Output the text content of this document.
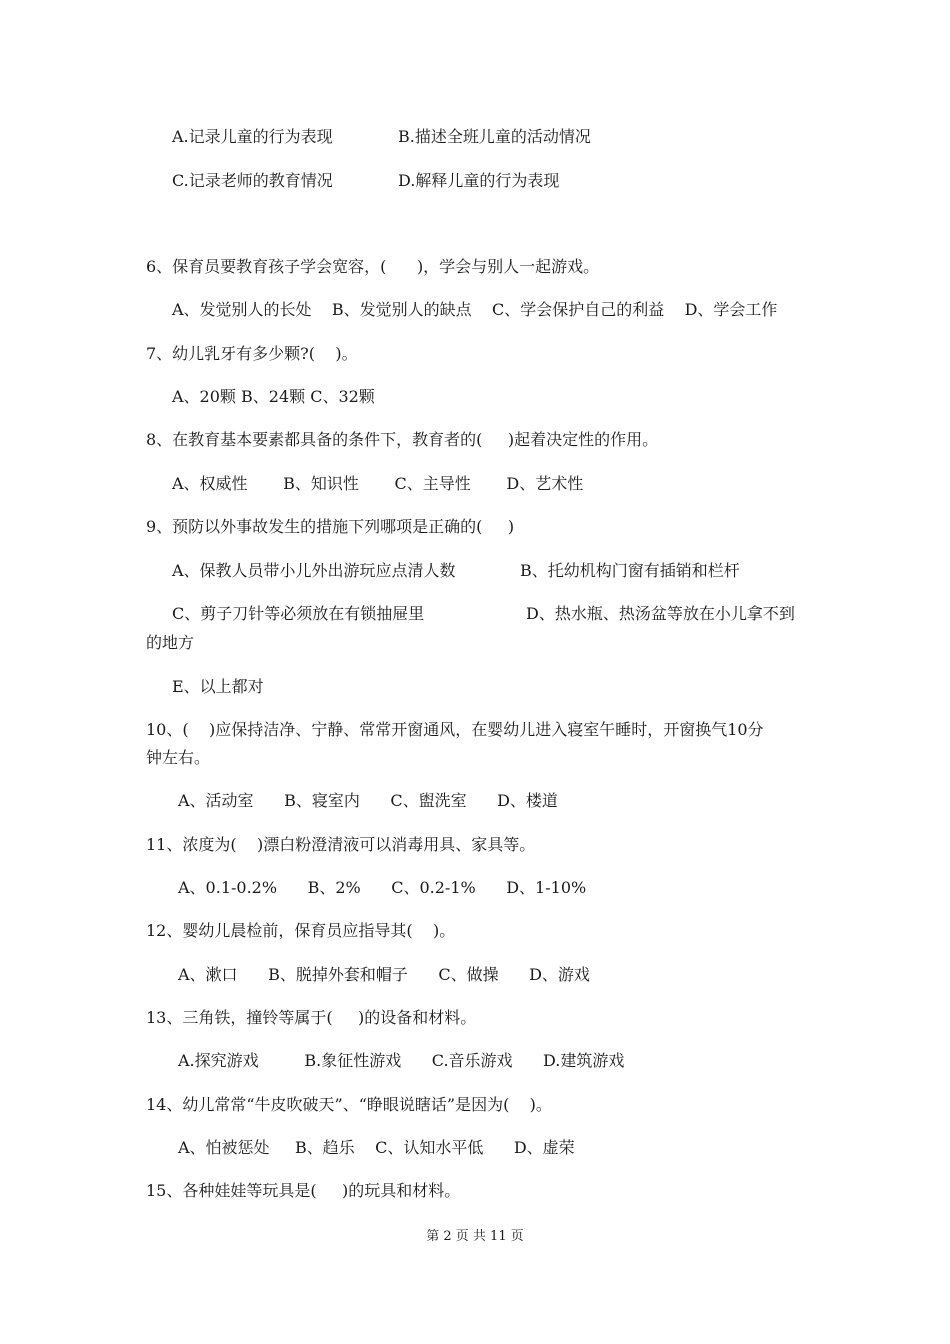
A.记录儿童的行为表现	B.描述全班儿童的活动情况
C.记录老师的教育情况	D.解释儿童的行为表现
6、保育员要教育孩子学会宽容，(      )，学会与别人一起游戏。
A、发觉别人的长处    B、发觉别人的缺点    C、学会保护自己的利益    D、学会工作
7、幼儿乳牙有多少颗?(    )。
A、20颗 B、24颗 C、32颗
8、在教育基本要素都具备的条件下，教育者的(     )起着决定性的作用。
A、权威性       B、知识性       C、主导性       D、艺术性
9、预防以外事故发生的措施下列哪项是正确的(     )
A、保教人员带小儿外出游玩应点清人数	B、托幼机构门窗有插销和栏杆
C、剪子刀针等必须放在有锁抽屉里	D、热水瓶、热汤盆等放在小儿拿不到
的地方
E、以上都对
10、(    )应保持洁净、宁静、常常开窗通风，在婴幼儿进入寝室午睡时，开窗换气10分
钟左右。
A、活动室      B、寝室内      C、盥洗室      D、楼道
11、浓度为(    )漂白粉澄清液可以消毒用具、家具等。
A、0.1-0.2%      B、2%      C、0.2-1%      D、1-10%
12、婴幼儿晨检前，保育员应指导其(    )。
A、漱口      B、脱掉外套和帽子      C、做操      D、游戏
13、三角铁，撞铃等属于(     )的设备和材料。
A.探究游戏         B.象征性游戏      C.音乐游戏      D.建筑游戏
14、幼儿常常“牛皮吹破天”、“睁眼说瞎话”是因为(    )。
A、怕被惩处     B、趋乐    C、认知水平低      D、虚荣
15、各种娃娃等玩具是(     )的玩具和材料。
第 2 页 共 11 页
